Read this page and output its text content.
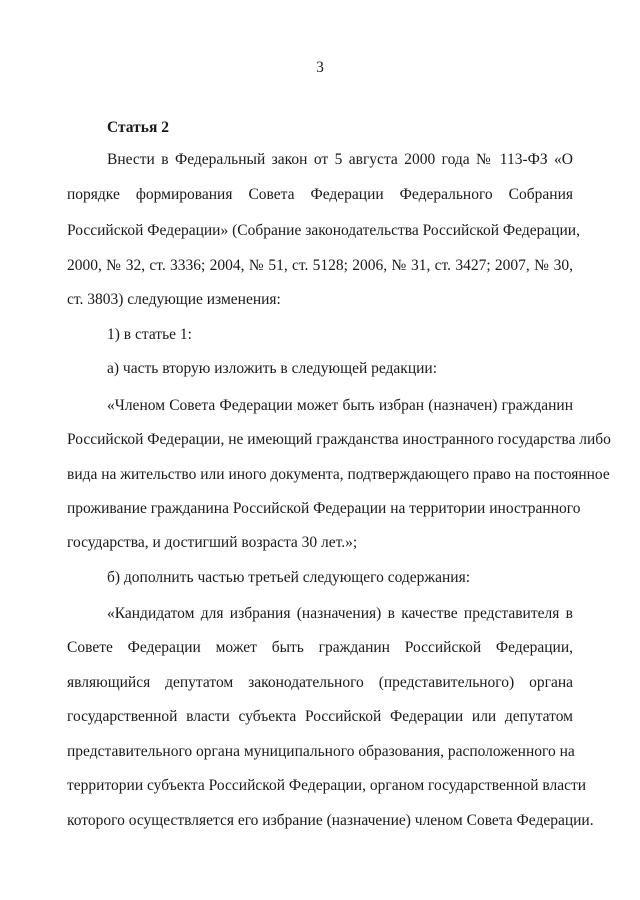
3
Статья 2
Внести в Федеральный закон от 5 августа 2000 года № 113-ФЗ «О
порядке формирования Совета Федерации Федерального Собрания
Российской Федерации» (Собрание законодательства Российской Федерации,
2000, № 32, ст. 3336; 2004, № 51, ст. 5128; 2006, № 31, ст. 3427; 2007, № 30,
ст. 3803) следующие изменения:
1) в статье 1:
а) часть вторую изложить в следующей редакции:
«Членом Совета Федерации может быть избран (назначен) гражданин
Российской Федерации, не имеющий гражданства иностранного государства либо
вида на жительство или иного документа, подтверждающего право на постоянное
проживание гражданина Российской Федерации на территории иностранного
государства, и достигший возраста 30 лет.»;
б) дополнить частью третьей следующего содержания:
«Кандидатом для избрания (назначения) в качестве представителя в
Совете Федерации может быть гражданин Российской Федерации,
являющийся депутатом законодательного (представительного) органа
государственной власти субъекта Российской Федерации или депутатом
представительного органа муниципального образования, расположенного на
территории субъекта Российской Федерации, органом государственной власти
которого осуществляется его избрание (назначение) членом Совета Федерации.
